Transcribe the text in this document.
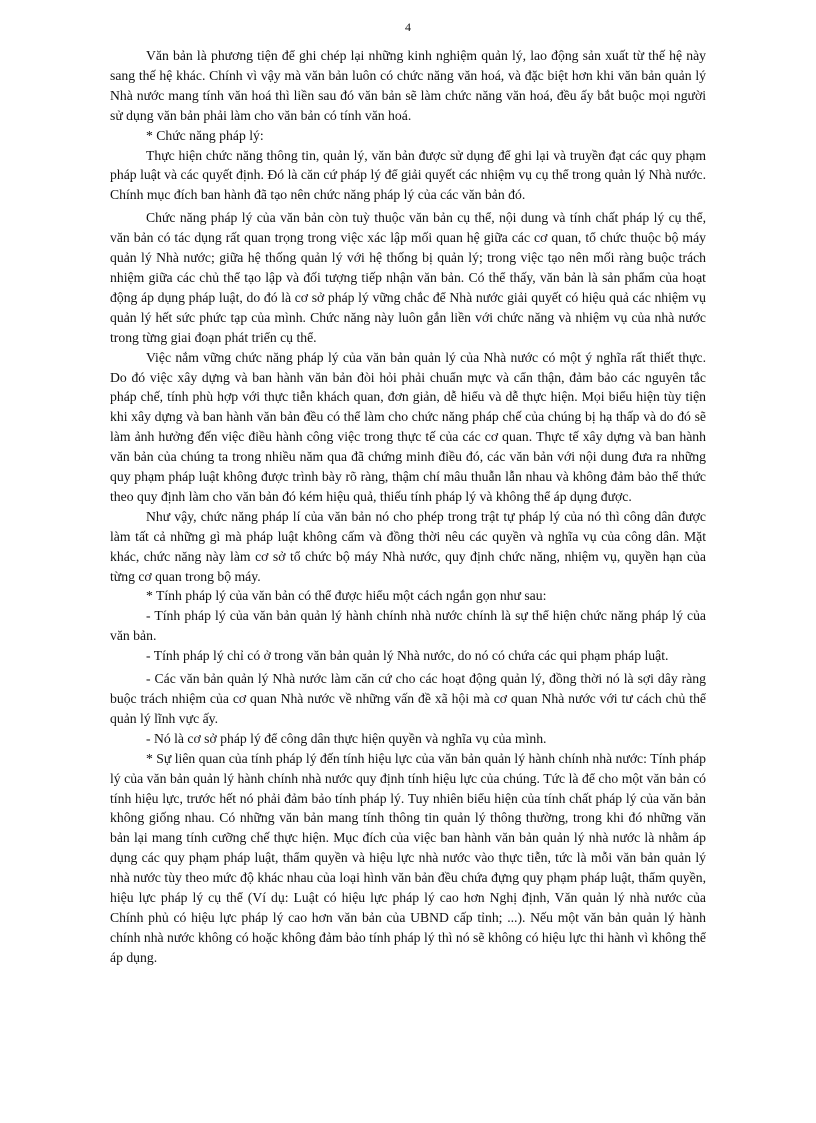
4

Văn bản là phương tiện để ghi chép lại những kinh nghiệm quản lý, lao động sản xuất từ thế hệ này sang thế hệ khác. Chính vì vậy mà văn bản luôn có chức năng văn hoá, và đặc biệt hơn khi văn bản quản lý Nhà nước mang tính văn hoá thì liền sau đó văn bản sẽ làm chức năng văn hoá, đều ấy bắt buộc mọi người sử dụng văn bản phải làm cho văn bản có tính văn hoá.

* Chức năng pháp lý:

Thực hiện chức năng thông tin, quản lý, văn bản được sử dụng để ghi lại và truyền đạt các quy phạm pháp luật và các quyết định. Đó là căn cứ pháp lý để giải quyết các nhiệm vụ cụ thể trong quản lý Nhà nước. Chính mục đích ban hành đã tạo nên chức năng pháp lý của các văn bản đó.

Chức năng pháp lý của văn bản còn tuỳ thuộc văn bản cụ thể, nội dung và tính chất pháp lý cụ thể, văn bản có tác dụng rất quan trọng trong việc xác lập mối quan hệ giữa các cơ quan, tổ chức thuộc bộ máy quản lý Nhà nước; giữa hệ thống quản lý với hệ thống bị quản lý; trong việc tạo nên mối ràng buộc trách nhiệm giữa các chủ thể tạo lập và đối tượng tiếp nhận văn bản. Có thể thấy, văn bản là sản phẩm của hoạt động áp dụng pháp luật, do đó là cơ sở pháp lý vững chắc để Nhà nước giải quyết có hiệu quả các nhiệm vụ quản lý hết sức phức tạp của mình. Chức năng này luôn gắn liền với chức năng và nhiệm vụ của nhà nước trong từng giai đoạn phát triển cụ thể.

Việc nắm vững chức năng pháp lý của văn bản quản lý của Nhà nước có một ý nghĩa rất thiết thực. Do đó việc xây dựng và ban hành văn bản đòi hỏi phải chuẩn mực và cẩn thận, đảm bảo các nguyên tắc pháp chế, tính phù hợp với thực tiễn khách quan, đơn giản, dễ hiểu và dễ thực hiện. Mọi biểu hiện tùy tiện khi xây dựng và ban hành văn bản đều có thể làm cho chức năng pháp chế của chúng bị hạ thấp và do đó sẽ làm ảnh hưởng đến việc điều hành công việc trong thực tế của các cơ quan. Thực tế xây dựng và ban hành văn bản của chúng ta trong nhiều năm qua đã chứng minh điều đó, các văn bản với nội dung đưa ra những quy phạm pháp luật không được trình bày rõ ràng, thậm chí mâu thuẫn lẫn nhau và không đảm bảo thể thức theo quy định làm cho văn bản đó kém hiệu quả, thiếu tính pháp lý và không thể áp dụng được.

Như vậy, chức năng pháp lí của văn bản nó cho phép trong trật tự pháp lý của nó thì công dân được làm tất cả những gì mà pháp luật không cấm và đồng thời nêu các quyền và nghĩa vụ của công dân. Mặt khác, chức năng này làm cơ sở tổ chức bộ máy Nhà nước, quy định chức năng, nhiệm vụ, quyền hạn của từng cơ quan trong bộ máy.

* Tính pháp lý của văn bản có thể được hiểu một cách ngắn gọn như sau:

- Tính pháp lý của văn bản quản lý hành chính nhà nước chính là sự thể hiện chức năng pháp lý của văn bản.

- Tính pháp lý chỉ có ở trong văn bản quản lý Nhà nước, do nó có chứa các qui phạm pháp luật.

- Các văn bản quản lý Nhà nước làm căn cứ cho các hoạt động quản lý, đồng thời nó là sợi dây ràng buộc trách nhiệm của cơ quan Nhà nước về những vấn đề xã hội mà cơ quan Nhà nước với tư cách chủ thể quản lý lĩnh vực ấy.

- Nó là cơ sở pháp lý để công dân thực hiện quyền và nghĩa vụ của mình.

* Sự liên quan của tính pháp lý đến tính hiệu lực của văn bản quản lý hành chính nhà nước: Tính pháp lý của văn bản quản lý hành chính nhà nước quy định tính hiệu lực của chúng. Tức là để cho một văn bản có tính hiệu lực, trước hết nó phải đảm bảo tính pháp lý. Tuy nhiên biểu hiện của tính chất pháp lý của văn bản không giống nhau. Có những văn bản mang tính thông tin quản lý thông thường, trong khi đó những văn bản lại mang tính cưỡng chế thực hiện. Mục đích của việc ban hành văn bản quản lý nhà nước là nhằm áp dụng các quy phạm pháp luật, thẩm quyền và hiệu lực nhà nước vào thực tiễn, tức là mỗi văn bản quản lý nhà nước tùy theo mức độ khác nhau của loại hình văn bản đều chứa đựng quy phạm pháp luật, thẩm quyền, hiệu lực pháp lý cụ thể (Ví dụ: Luật có hiệu lực pháp lý cao hơn Nghị định, Văn quản lý nhà nước của Chính phủ có hiệu lực pháp lý cao hơn văn bản của UBND cấp tỉnh; ...). Nếu một văn bản quản lý hành chính nhà nước không có hoặc không đảm bảo tính pháp lý thì nó sẽ không có hiệu lực thi hành vì không thể áp dụng.
